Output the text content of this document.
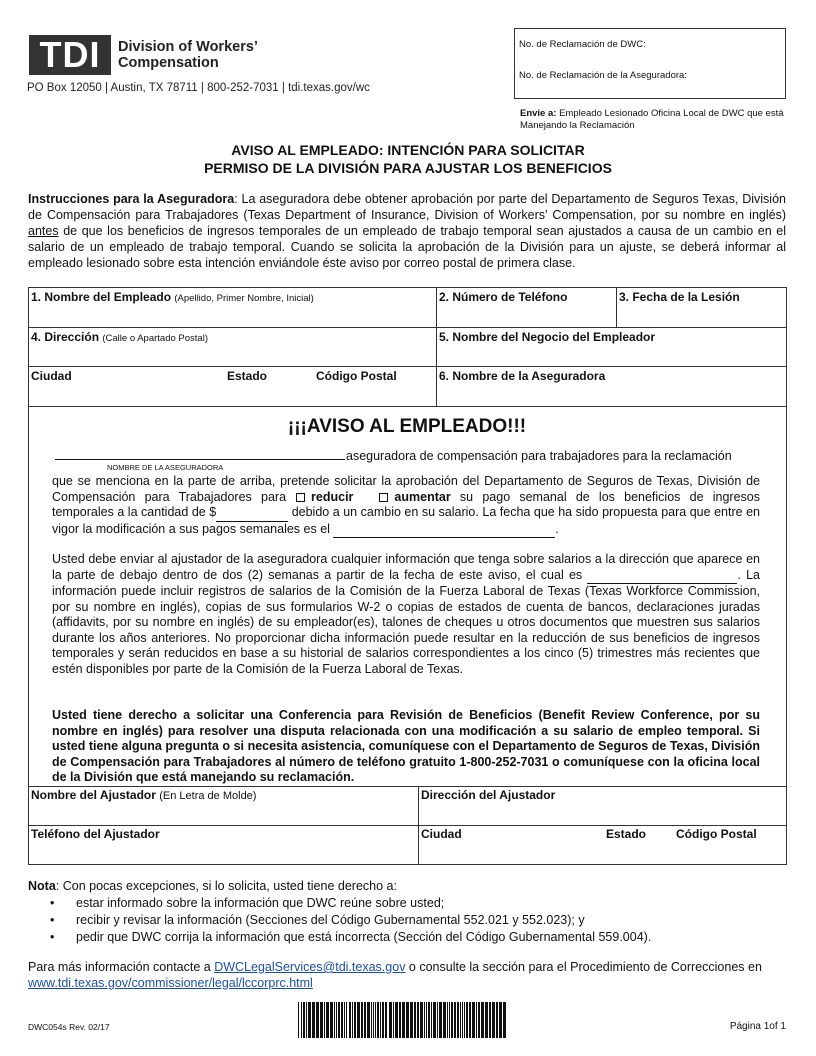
TDI	Division of Workers’
Compensation
PO Box 12050 | Austin, TX 78711 | 800-252-7031 | tdi.texas.gov/wc
No. de Reclamación de DWC:
No. de Reclamación de la Aseguradora:
Envie a: Empleado Lesionado Oficina Local de DWC que está Manejando la Reclamación
AVISO AL EMPLEADO: INTENCIÓN PARA SOLICITAR
PERMISO DE LA DIVISIÓN PARA AJUSTAR LOS BENEFICIOS
Instrucciones para la Aseguradora: La aseguradora debe obtener aprobación por parte del Departamento de Seguros Texas, División de Compensación para Trabajadores (Texas Department of Insurance, Division of Workers’ Compensation, por su nombre en inglés) antes de que los beneficios de ingresos temporales de un empleado de trabajo temporal sean ajustados a causa de un cambio en el salario de un empleado de trabajo temporal. Cuando se solicita la aprobación de la División para un ajuste, se deberá informar al empleado lesionado sobre esta intención enviándole éste aviso por correo postal de primera clase.
1. Nombre del Empleado (Apellido, Primer Nombre, Inicial)	2. Número de Teléfono	3. Fecha de la Lesión
4. Dirección (Calle o Apartado Postal)	5. Nombre del Negocio del Empleador
Ciudad	Estado	Código Postal	6. Nombre de la Aseguradora
¡¡¡AVISO AL EMPLEADO!!!
NOMBRE DE LA ASEGURADORA
aseguradora de compensación para trabajadores para la reclamación
que se menciona en la parte de arriba, pretende solicitar la aprobación del Departamento de Seguros de Texas, División de Compensación para Trabajadores para reducir	aumentar su pago semanal de los beneficios de ingresos temporales a la cantidad de $	debido a un cambio en su salario. La fecha que ha sido propuesta para que entre en vigor la modificación a sus pagos semanales es el	.
Usted debe enviar al ajustador de la aseguradora cualquier información que tenga sobre salarios a la dirección que aparece en la parte de debajo dentro de dos (2) semanas a partir de la fecha de este aviso, el cual es	. La información puede incluir registros de salarios de la Comisión de la Fuerza Laboral de Texas (Texas Workforce Commission, por su nombre en inglés), copias de sus formularios W-2 o copias de estados de cuenta de bancos, declaraciones juradas (affidavits, por su nombre en inglés) de su empleador(es), talones de cheques u otros documentos que muestren sus salarios durante los años anteriores. No proporcionar dicha información puede resultar en la reducción de sus beneficios de ingresos temporales y serán reducidos en base a su historial de salarios correspondientes a los cinco (5) trimestres más recientes que estén disponibles por parte de la Comisión de la Fuerza Laboral de Texas.
Usted tiene derecho a solicitar una Conferencia para Revisión de Beneficios (Benefit Review Conference, por su nombre en inglés) para resolver una disputa relacionada con una modificación a su salario de empleo temporal. Si usted tiene alguna pregunta o si necesita asistencia, comuníquese con el Departamento de Seguros de Texas, División de Compensación para Trabajadores al número de teléfono gratuito 1-800-252-7031 o comuníquese con la oficina local de la División que está manejando su reclamación.
Nombre del Ajustador (En Letra de Molde)	Dirección del Ajustador
Teléfono del Ajustador	Ciudad	Estado Código Postal
Nota: Con pocas excepciones, si lo solicita, usted tiene derecho a:
• estar informado sobre la información que DWC reúne sobre usted;
• recibir y revisar la información (Secciones del Código Gubernamental 552.021 y 552.023); y
• pedir que DWC corrija la información que está incorrecta (Sección del Código Gubernamental 559.004).
Para más información contacte a DWCLegalServices@tdi.texas.gov o consulte la sección para el Procedimiento de Correcciones en www.tdi.texas.gov/commissioner/legal/lccorprc.html
DWC054s Rev. 02/17	Página 1of 1
